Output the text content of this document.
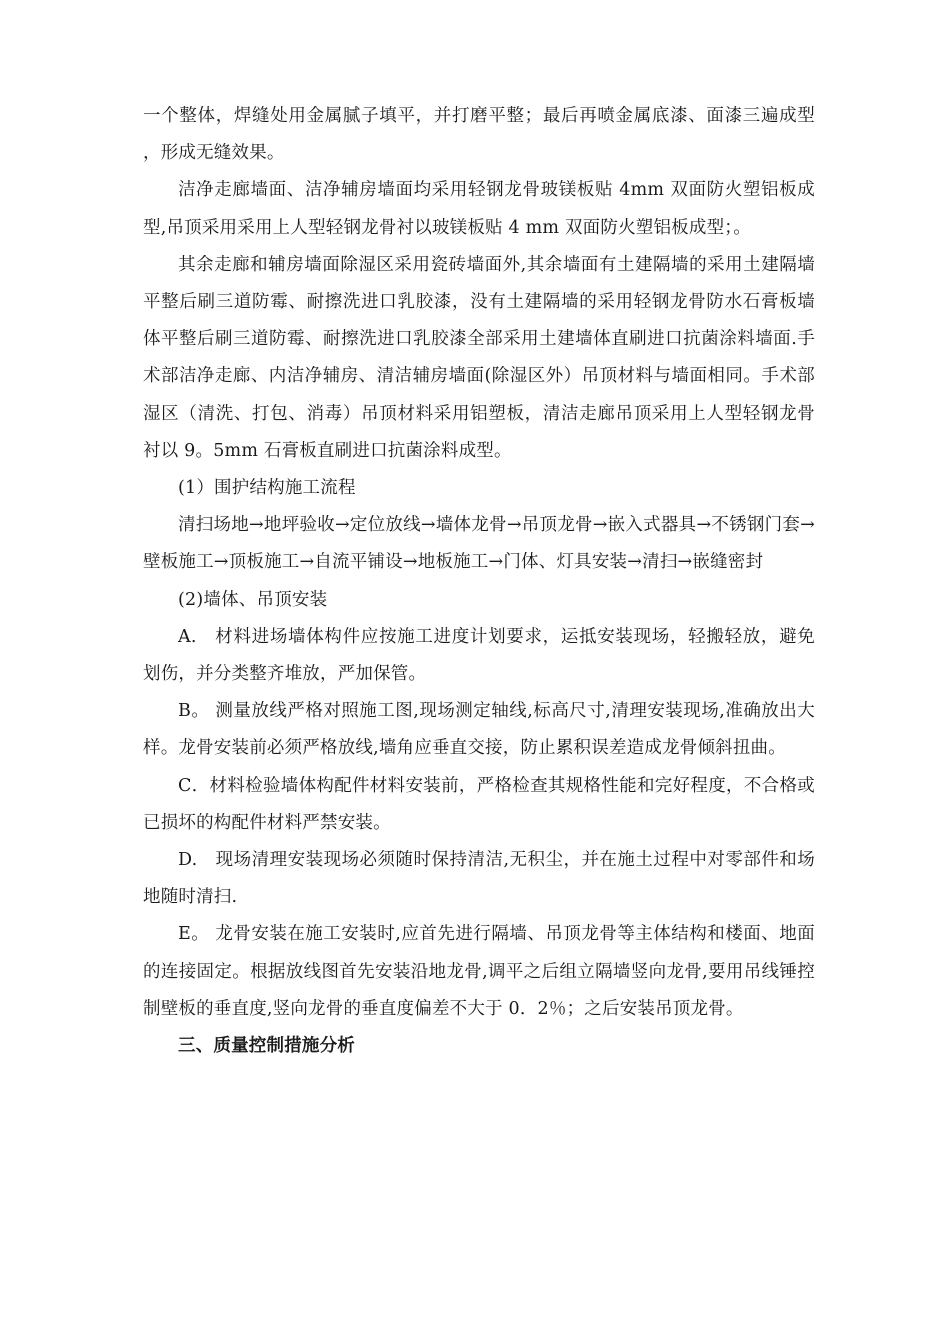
一个整体，焊缝处用金属腻子填平，并打磨平整；最后再喷金属底漆、面漆三遍成型，形成无缝效果。

洁净走廊墙面、洁净辅房墙面均采用轻钢龙骨玻镁板贴 4mm 双面防火塑铝板成型,吊顶采用采用上人型轻钢龙骨衬以玻镁板贴 4 mm 双面防火塑铝板成型；。

其余走廊和辅房墙面除湿区采用瓷砖墙面外,其余墙面有土建隔墙的采用土建隔墙平整后刷三道防霉、耐擦洗进口乳胶漆，没有土建隔墙的采用轻钢龙骨防水石膏板墙体平整后刷三道防霉、耐擦洗进口乳胶漆全部采用土建墙体直刷进口抗菌涂料墙面.手术部洁净走廊、内洁净辅房、清洁辅房墙面(除湿区外）吊顶材料与墙面相同。手术部湿区（清洗、打包、消毒）吊顶材料采用铝塑板，清洁走廊吊顶采用上人型轻钢龙骨衬以 9。5mm 石膏板直刷进口抗菌涂料成型。

(1）围护结构施工流程

清扫场地→地坪验收→定位放线→墙体龙骨→吊顶龙骨→嵌入式器具→不锈钢门套→壁板施工→顶板施工→自流平铺设→地板施工→门体、灯具安装→清扫→嵌缝密封

(2)墙体、吊顶安装

A.　材料进场墙体构件应按施工进度计划要求，运抵安装现场，轻搬轻放，避免划伤，并分类整齐堆放，严加保管。

B。 测量放线严格对照施工图,现场测定轴线,标高尺寸,清理安装现场,准确放出大样。龙骨安装前必须严格放线,墙角应垂直交接，防止累积误差造成龙骨倾斜扭曲。

C．材料检验墙体构配件材料安装前，严格检查其规格性能和完好程度，不合格或已损坏的构配件材料严禁安装。

D.　现场清理安装现场必须随时保持清洁,无积尘，并在施土过程中对零部件和场地随时清扫.

E。 龙骨安装在施工安装时,应首先进行隔墙、吊顶龙骨等主体结构和楼面、地面的连接固定。根据放线图首先安装沿地龙骨,调平之后组立隔墙竖向龙骨,要用吊线锤控制壁板的垂直度,竖向龙骨的垂直度偏差不大于 0．2％；之后安装吊顶龙骨。

三、质量控制措施分析
